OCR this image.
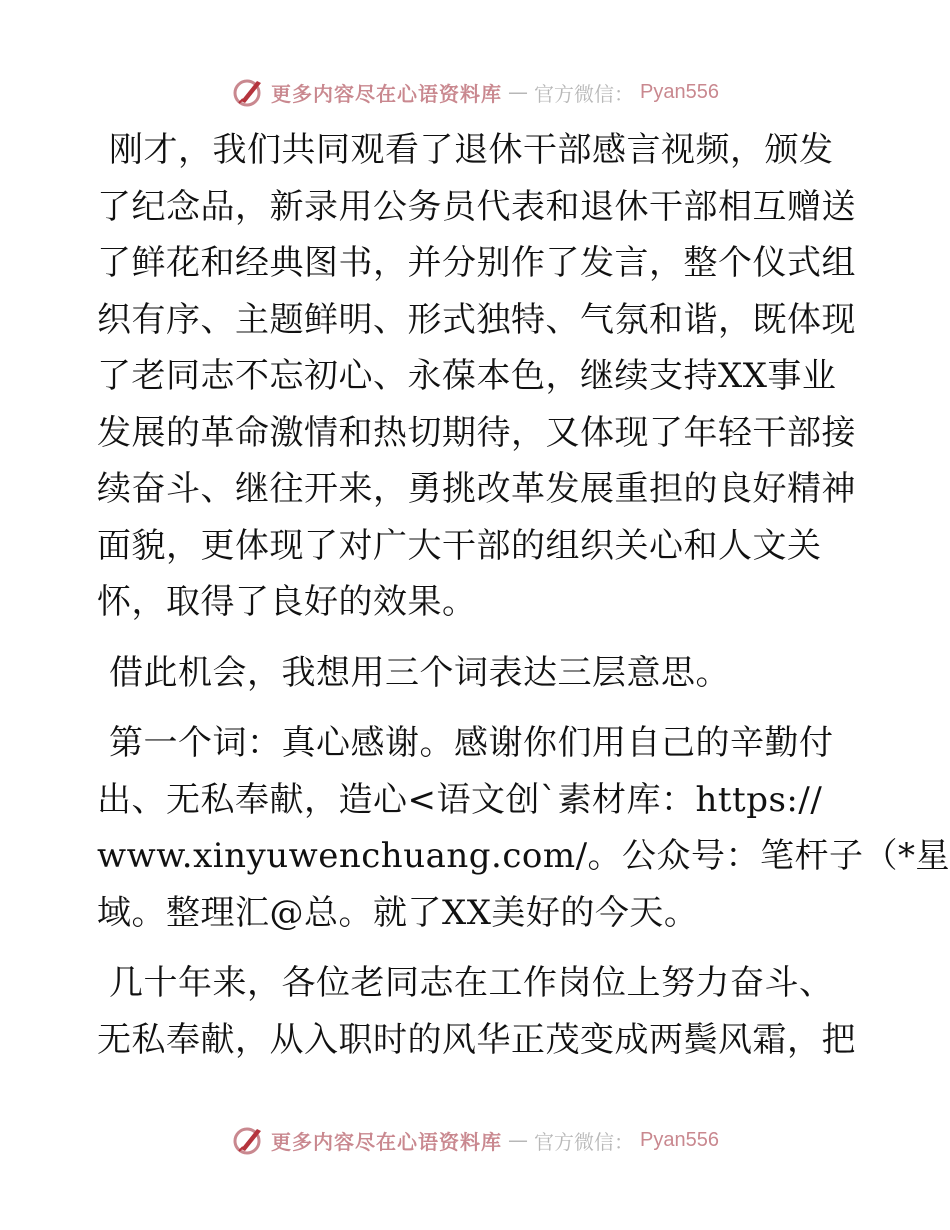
更多内容尽在心语资料库 — 官方微信： Pyan556

刚才，我们共同观看了退休干部感言视频，颁发
了纪念品，新录用公务员代表和退休干部相互赠送
了鲜花和经典图书，并分别作了发言，整个仪式组
织有序、主题鲜明、形式独特、气氛和谐，既体现
了老同志不忘初心、永葆本色，继续支持XX事业
发展的革命激情和热切期待，又体现了年轻干部接
续奋斗、继往开来，勇挑改革发展重担的良好精神
面貌，更体现了对广大干部的组织关心和人文关
怀，取得了良好的效果。

借此机会，我想用三个词表达三层意思。

第一个词：真心感谢。感谢你们用自己的辛勤付
出、无私奉献，造心<语文创`素材库：https://
www.xinyuwenchuang.com/。公众号：笔杆子（*星
域。整理汇@总。就了XX美好的今天。

几十年来，各位老同志在工作岗位上努力奋斗、
无私奉献，从入职时的风华正茂变成两鬓风霜，把

更多内容尽在心语资料库 — 官方微信： Pyan556
